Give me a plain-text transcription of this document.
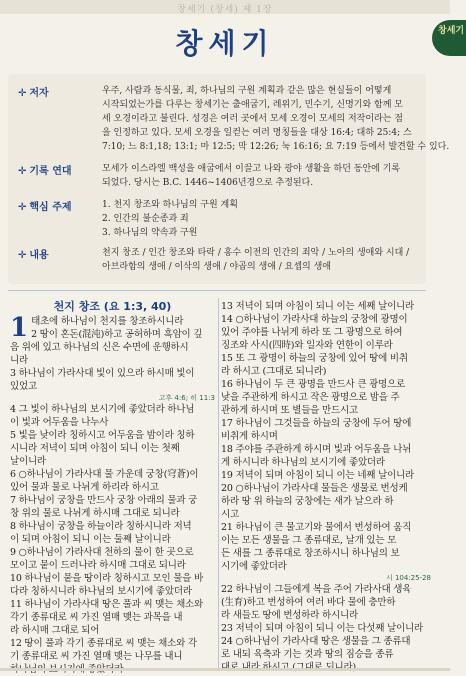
창세기 (창세) 제 1장
창세기	창세기
✛ 저자	우주, 사람과 동식물, 죄, 하나님의 구원 계획과 같은 많은 현실들이 어떻게
시작되었는가를 다루는 창세기는 출애굽기, 레위기, 민수기, 신명기와 함께 모
세 오경이라고 불린다. 성경은 여러 곳에서 모세 오경이 모세의 저작이라는 점
을 인정하고 있다. 모세 오경을 일컫는 여러 명칭들을 대상 16:4; 대하 25:4; 스
7:10; 느 8:1,18; 13:1; 마 12:5; 막 12:26; 눅 16:16; 요 7:19 등에서 발견할 수 있다.
✛ 기록 연대	모세가 이스라엘 백성을 애굽에서 이끌고 나와 광야 생활을 하던 동안에 기록
되었다. 당시는 B.C. 1446~1406년경으로 추정된다.
✛ 핵심 주제	1. 천지 창조와 하나님의 구원 계획
2. 인간의 불순종과 죄
3. 하나님의 약속과 구원
✛ 내용	천지 창조 / 인간 창조와 타락 / 홍수 이전의 인간의 죄악 / 노아의 생애와 시대 /
아브라함의 생애 / 이삭의 생애 / 야곱의 생애 / 요셉의 생애
천지 창조 (요 1:3, 40)
1 태초에 하나님이 천지를 창조하시니라
2 땅이 혼돈(混沌)하고 공허하며 흑암이 깊
음 위에 있고 하나님의 신은 수면에 운행하시
니라
3 하나님이 가라사대 빛이 있으라 하시매 빛이
있었고
고후 4:6; 히 11:3
4 그 빛이 하나님의 보시기에 좋았더라 하나님
이 빛과 어두움을 나누사
5 빛을 낮이라 칭하시고 어두움을 밤이라 칭하
시니라 저녁이 되며 아침이 되니 이는 첫째
날이니라
6 ○하나님이 가라사대 물 가운데 궁창(穹蒼)이
있어 물과 물로 나뉘게 하리라 하시고
7 하나님이 궁창을 만드사 궁창 아래의 물과 궁
창 위의 물로 나뉘게 하시매 그대로 되니라
8 하나님이 궁창을 하늘이라 칭하시니라 저녁
이 되며 아침이 되니 이는 둘째 날이니라
9 ○하나님이 가라사대 천하의 물이 한 곳으로
모이고 뭍이 드러나라 하시매 그대로 되니라
10 하나님이 뭍을 땅이라 칭하시고 모인 물을 바
다라 칭하시니라 하나님의 보시기에 좋았더라
11 하나님이 가라사대 땅은 풀과 씨 맺는 채소와
각기 종류대로 씨 가진 열매 맺는 과목을 내
라 하시매 그대로 되어
12 땅이 풀과 각기 종류대로 씨 맺는 채소와 각
기 종류대로 씨 가진 열매 맺는 나무를 내니
13 저녁이 되며 아침이 되니 이는 세째 날이니라
14 ○하나님이 가라사대 하늘의 궁창에 광명이
있어 주야를 나뉘게 하라 또 그 광명으로 하여
징조와 사시(四時)와 일자와 연한이 이루라
15 또 그 광명이 하늘의 궁창에 있어 땅에 비취
라 하시고 (그대로 되니라)
16 하나님이 두 큰 광명을 만드사 큰 광명으로
낮을 주관하게 하시고 작은 광명으로 밤을 주
관하게 하시며 또 별들을 만드시고
17 하나님이 그것들을 하늘의 궁창에 두어 땅에
비취게 하시며
18 주야를 주관하게 하시며 빛과 어두움을 나뉘
게 하시니라 하나님의 보시기에 좋았더라
19 저녁이 되며 아침이 되니 이는 네째 날이니라
20 ○하나님이 가라사대 물들은 생물로 번성케
하라 땅 위 하늘의 궁창에는 새가 날으라 하
시고
21 하나님이 큰 물고기와 물에서 번성하여 움직
이는 모든 생물을 그 종류대로, 날개 있는 모
든 새를 그 종류대로 창조하시니 하나님의 보
시기에 좋았더라
시 104:25-28
22 하나님이 그들에게 복을 주어 가라사대 생육
(生育)하고 번성하여 여러 바다 물에 충만하
라 새들도 땅에 번성하라 하시니라
23 저녁이 되며 아침이 되니 이는 다섯째 날이니라
24 ○하나님이 가라사대 땅은 생물을 그 종류대
로 내되 육축과 기는 것과 땅의 짐승을 종류
